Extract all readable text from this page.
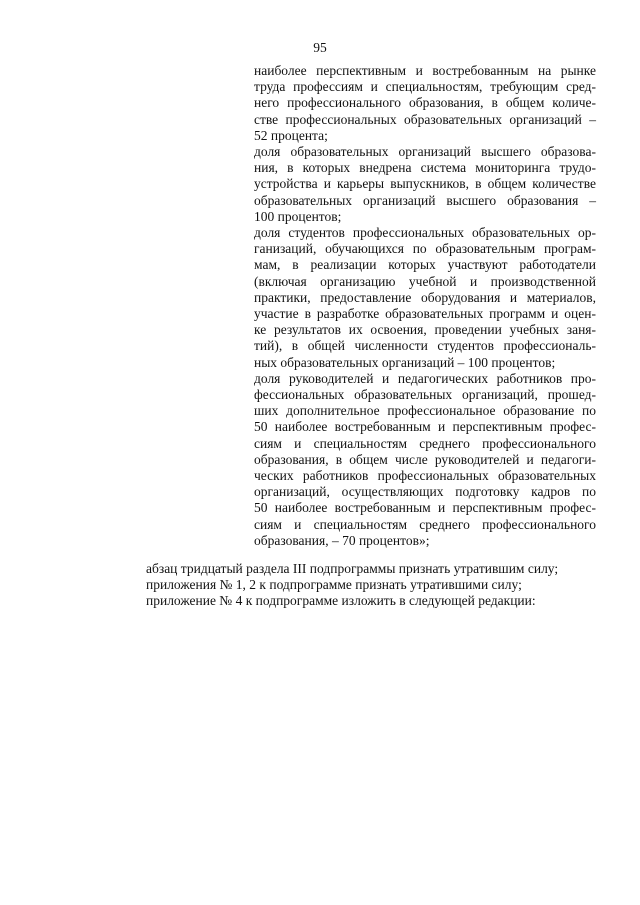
95
наиболее перспективным и востребованным на рынке
труда профессиям и специальностям, требующим сред-
него профессионального образования, в общем количе-
стве профессиональных образовательных организаций –
52 процента;
доля образовательных организаций высшего образова-
ния, в которых внедрена система мониторинга трудо-
устройства и карьеры выпускников, в общем количестве
образовательных организаций высшего образования –
100 процентов;
доля студентов профессиональных образовательных ор-
ганизаций, обучающихся по образовательным програм-
мам, в реализации которых участвуют работодатели
(включая организацию учебной и производственной
практики, предоставление оборудования и материалов,
участие в разработке образовательных программ и оцен-
ке результатов их освоения, проведении учебных заня-
тий), в общей численности студентов профессиональ-
ных образовательных организаций – 100 процентов;
доля руководителей и педагогических работников про-
фессиональных образовательных организаций, прошед-
ших дополнительное профессиональное образование по
50 наиболее востребованным и перспективным профес-
сиям и специальностям среднего профессионального
образования, в общем числе руководителей и педагоги-
ческих работников профессиональных образовательных
организаций, осуществляющих подготовку кадров по
50 наиболее востребованным и перспективным профес-
сиям и специальностям среднего профессионального
образования, – 70 процентов»;
абзац тридцатый раздела III подпрограммы признать утратившим силу;
приложения № 1, 2 к подпрограмме признать утратившими силу;
приложение № 4 к подпрограмме изложить в следующей редакции:
